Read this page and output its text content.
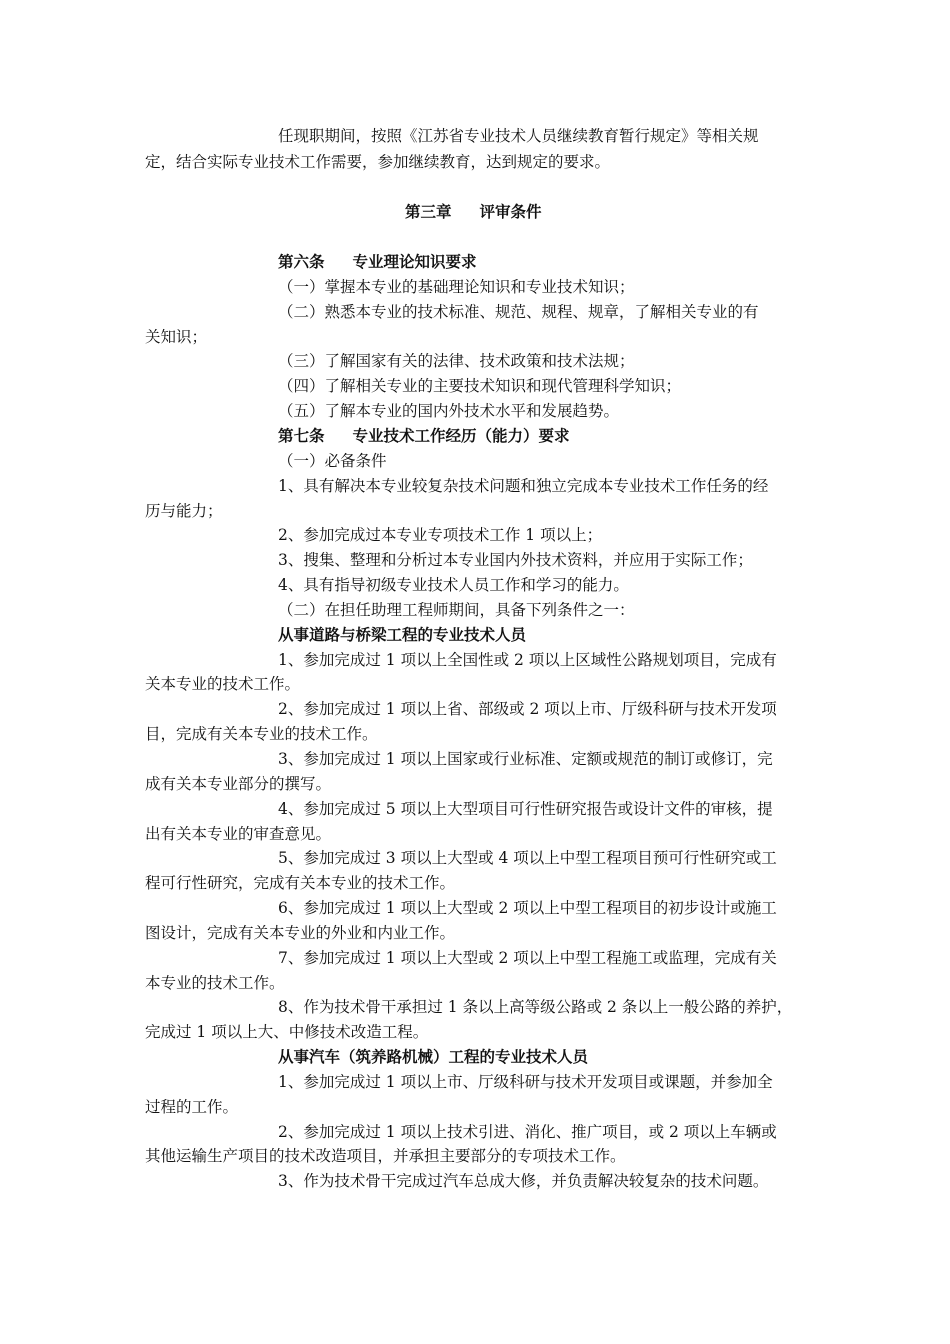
任现职期间，按照《江苏省专业技术人员继续教育暂行规定》等相关规
定，结合实际专业技术工作需要，参加继续教育，达到规定的要求。
第三章 评审条件
第六条 专业理论知识要求
（一）掌握本专业的基础理论知识和专业技术知识；
（二）熟悉本专业的技术标准、规范、规程、规章，了解相关专业的有
关知识；
（三）了解国家有关的法律、技术政策和技术法规；
（四）了解相关专业的主要技术知识和现代管理科学知识；
（五）了解本专业的国内外技术水平和发展趋势。
第七条 专业技术工作经历（能力）要求
（一）必备条件
1、具有解决本专业较复杂技术问题和独立完成本专业技术工作任务的经
历与能力；
2、参加完成过本专业专项技术工作 1 项以上；
3、搜集、整理和分析过本专业国内外技术资料，并应用于实际工作；
4、具有指导初级专业技术人员工作和学习的能力。
（二）在担任助理工程师期间，具备下列条件之一：
从事道路与桥梁工程的专业技术人员
1、参加完成过 1 项以上全国性或 2 项以上区域性公路规划项目，完成有
关本专业的技术工作。
2、参加完成过 1 项以上省、部级或 2 项以上市、厅级科研与技术开发项
目，完成有关本专业的技术工作。
3、参加完成过 1 项以上国家或行业标准、定额或规范的制订或修订，完
成有关本专业部分的撰写。
4、参加完成过 5 项以上大型项目可行性研究报告或设计文件的审核，提
出有关本专业的审查意见。
5、参加完成过 3 项以上大型或 4 项以上中型工程项目预可行性研究或工
程可行性研究，完成有关本专业的技术工作。
6、参加完成过 1 项以上大型或 2 项以上中型工程项目的初步设计或施工
图设计，完成有关本专业的外业和内业工作。
7、参加完成过 1 项以上大型或 2 项以上中型工程施工或监理，完成有关
本专业的技术工作。
8、作为技术骨干承担过 1 条以上高等级公路或 2 条以上一般公路的养护，
完成过 1 项以上大、中修技术改造工程。
从事汽车（筑养路机械）工程的专业技术人员
1、参加完成过 1 项以上市、厅级科研与技术开发项目或课题，并参加全
过程的工作。
2、参加完成过 1 项以上技术引进、消化、推广项目，或 2 项以上车辆或
其他运输生产项目的技术改造项目，并承担主要部分的专项技术工作。
3、作为技术骨干完成过汽车总成大修，并负责解决较复杂的技术问题。
